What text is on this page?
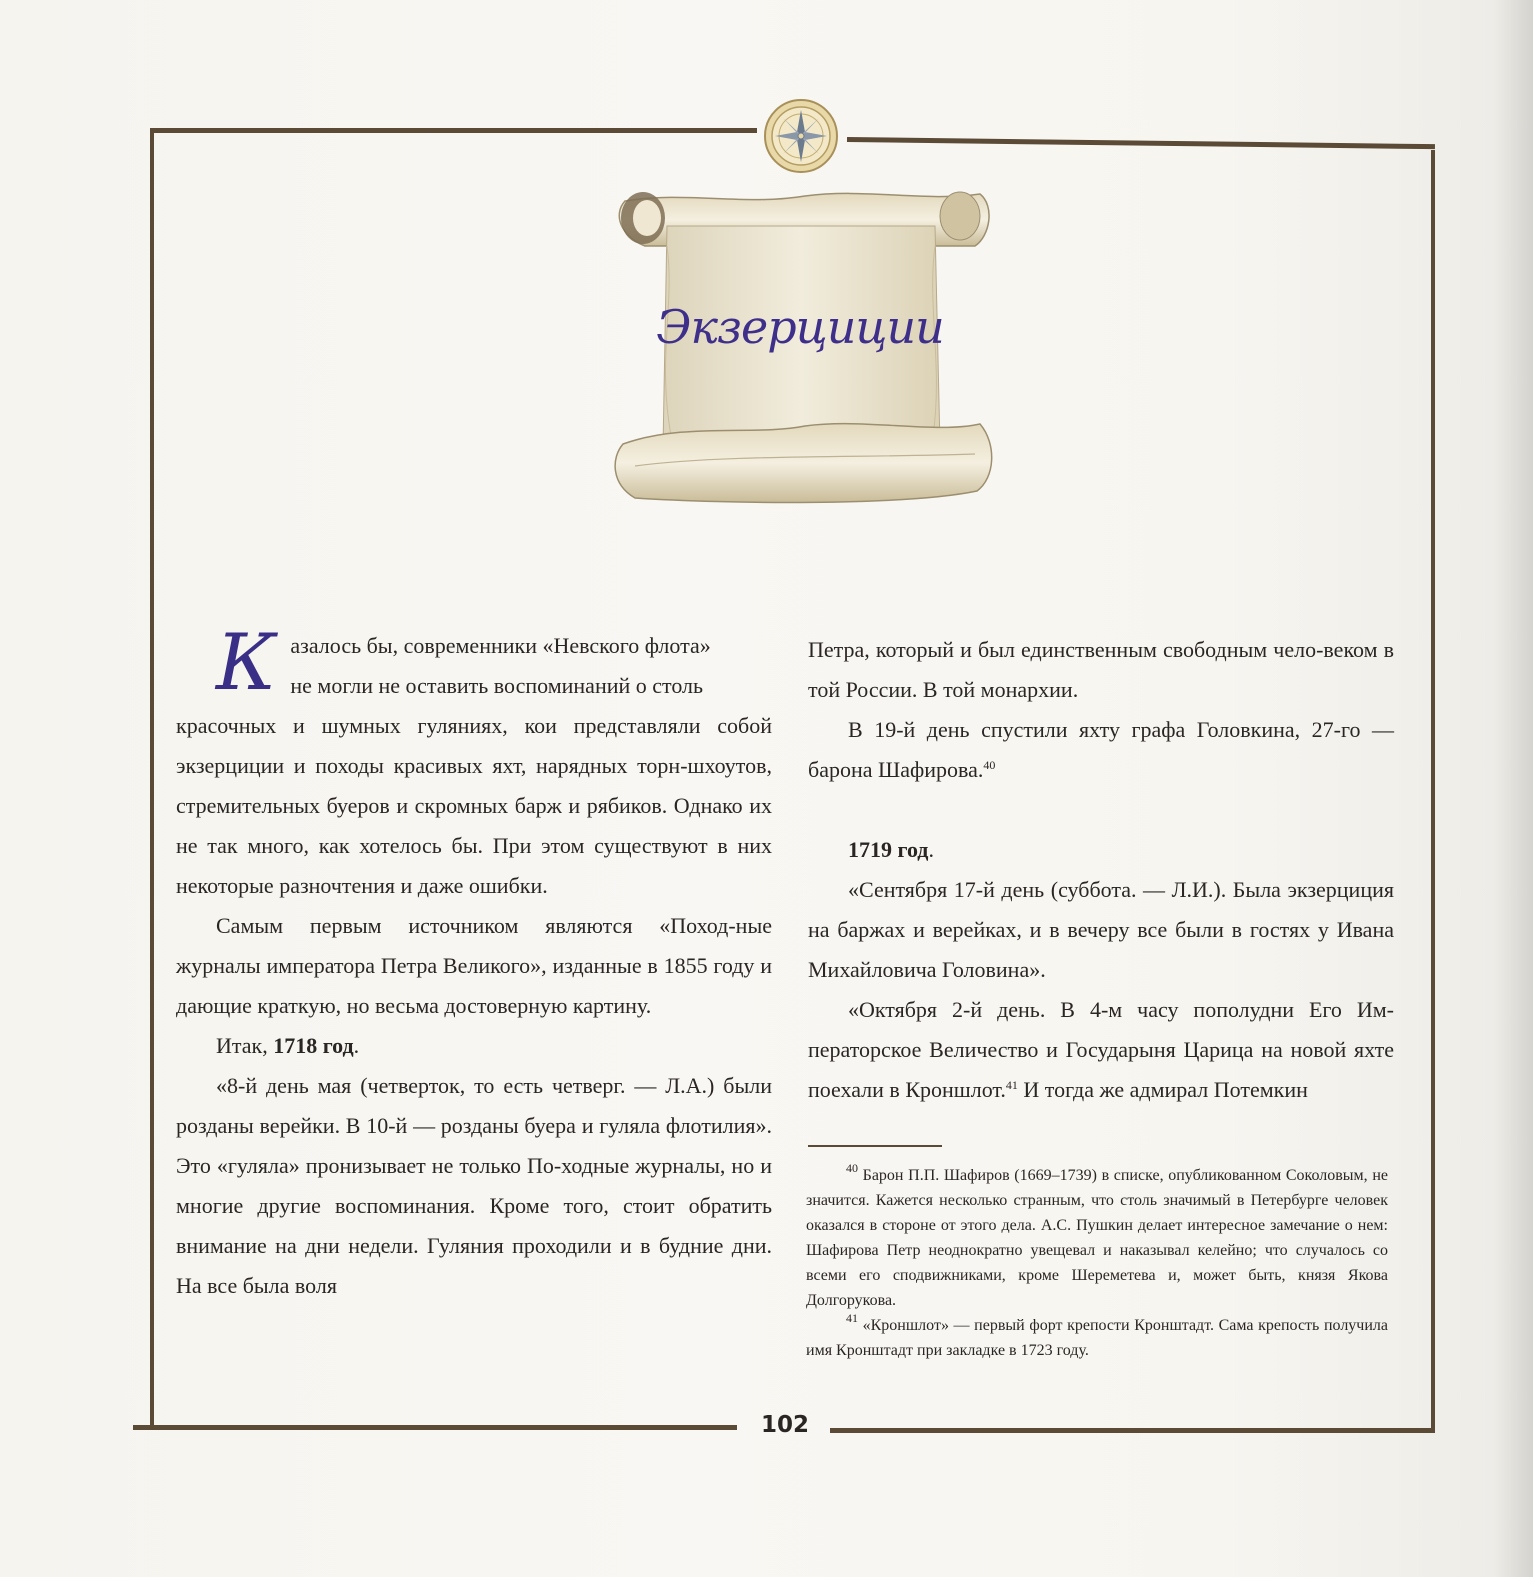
Экзерциции

К азалось бы, современники «Невского флота»
не могли не оставить воспоминаний о столь
красочных и шумных гуляниях, кои представляли собой экзерциции и походы красивых яхт, нарядных торн-шхоутов, стремительных буеров и скромных барж и рябиков. Однако их не так много, как хотелось бы. При этом существуют в них некоторые разночтения и даже ошибки.

Самым первым источником являются «Поход-ные журналы императора Петра Великого», изданные в 1855 году и дающие краткую, но весьма достоверную картину.

Итак, 1718 год.

«8-й день мая (четверток, то есть четверг. — Л.А.) были розданы верейки. В 10-й — розданы буера и гуляла флотилия». Это «гуляла» пронизывает не только По-ходные журналы, но и многие другие воспоминания. Кроме того, стоит обратить внимание на дни недели. Гуляния проходили и в будние дни. На все была воля

Петра, который и был единственным свободным чело-веком в той России. В той монархии.

В 19-й день спустили яхту графа Головкина, 27-го — барона Шафирова.$^{40}$

1719 год.

«Сентября 17-й день (суббота. — Л.И.). Была экзерциция на баржах и верейках, и в вечеру все были в гостях у Ивана Михайловича Головина».

«Октября 2-й день. В 4-м часу пополудни Его Им-ператорское Величество и Государыня Царица на новой яхте поехали в Кроншлот.$^{41}$ И тогда же адмирал Потемкин

$^{40}$ Барон П.П. Шафиров (1669–1739) в списке, опубликованном Соколовым, не значится. Кажется несколько странным, что столь значимый в Петербурге человек оказался в стороне от этого дела. А.С. Пушкин делает интересное замечание о нем: Шафирова Петр неоднократно увещевал и наказывал келейно; что случалось со всеми его сподвижниками, кроме Шереметева и, может быть, князя Якова Долгорукова.

$^{41}$ «Кроншлот» — первый форт крепости Кронштадт. Сама крепость получила имя Кронштадт при закладке в 1723 году.

102
